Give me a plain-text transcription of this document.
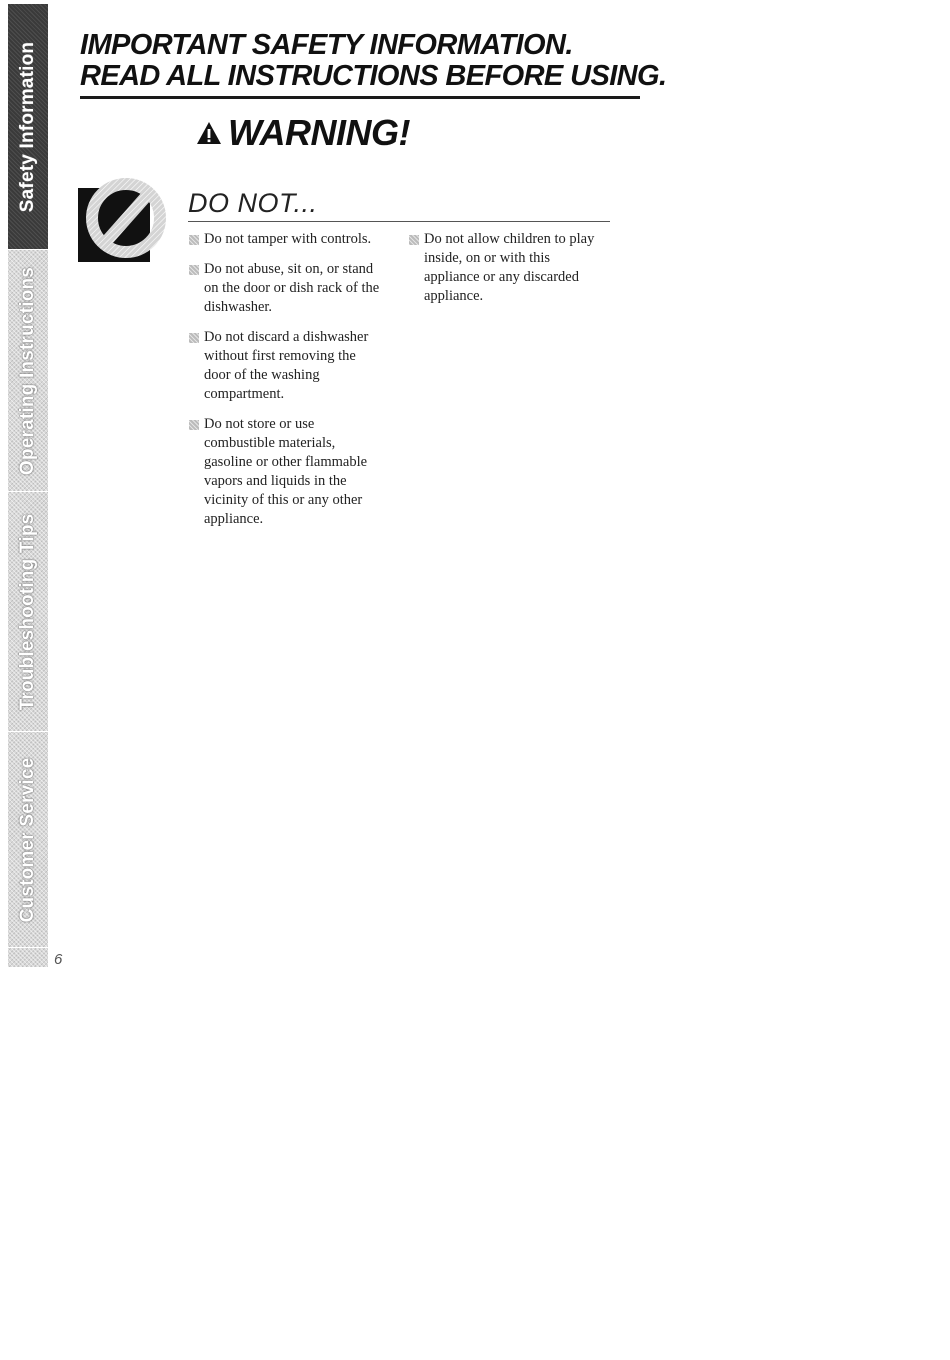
Safety Information
Operating Instructions
Troubleshooting Tips
Customer Service
6
IMPORTANT SAFETY INFORMATION.
READ ALL INSTRUCTIONS BEFORE USING.
WARNING!
DO NOT...
Do not tamper with controls.
Do not abuse, sit on, or stand on the door or dish rack of the dishwasher.
Do not discard a dishwasher without first removing the door of the washing compartment.
Do not store or use combustible materials, gasoline or other flammable vapors and liquids in the vicinity of this or any other appliance.
Do not allow children to play inside, on or with this appliance or any discarded appliance.
